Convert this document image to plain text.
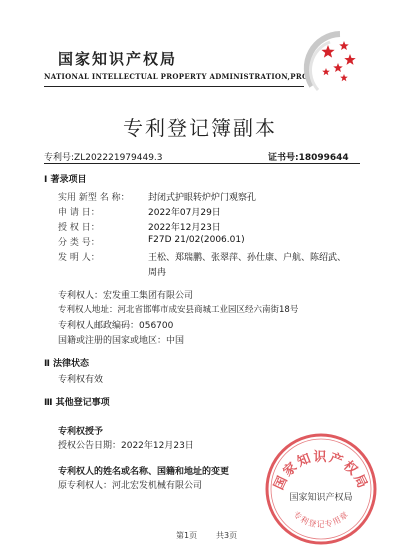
国家知识产权局
NATIONAL INTELLECTUAL PROPERTY ADMINISTRATION,PRC
专利登记簿副本
专利号:ZL202221979449.3	证书号:18099644
Ⅰ 著录项目
实用 新型 名 称： 封闭式护眼转炉炉门观察孔
申 请 日：	2022年07月29日
授 权 日：	2022年12月23日
分 类 号：	F27D 21/02(2006.01)
发 明 人：	王松、郑瑞鹏、张翠萍、孙仕康、户航、陈绍武、
周冉
专利权人：宏发重工集团有限公司
专利权人地址：河北省邯郸市成安县商城工业园区经六南街18号
专利权人邮政编码：056700
国籍或注册的国家或地区：中国
Ⅱ 法律状态
专利权有效
Ⅲ 其他登记事项
专利权授予
授权公告日期：2022年12月23日
专利权人的姓名或名称、国籍和地址的变更
原专利权人：河北宏发机械有限公司	国家知识产权局
国家知识产权局
专利登记专用章
第1页 共3页
